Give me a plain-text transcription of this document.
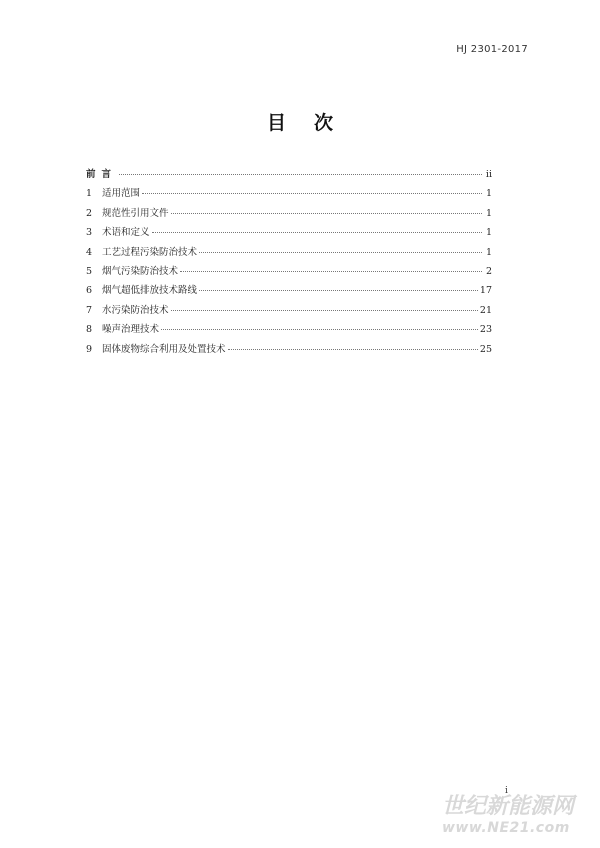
HJ 2301-2017
目次
前言	ii
1	适用范围	1
2	规范性引用文件	1
3	术语和定义	1
4	工艺过程污染防治技术	1
5	烟气污染防治技术	2
6	烟气超低排放技术路线	17
7	水污染防治技术	21
8	噪声治理技术	23
9	固体废物综合利用及处置技术	25
i
世纪新能源网
www.NE21.com
